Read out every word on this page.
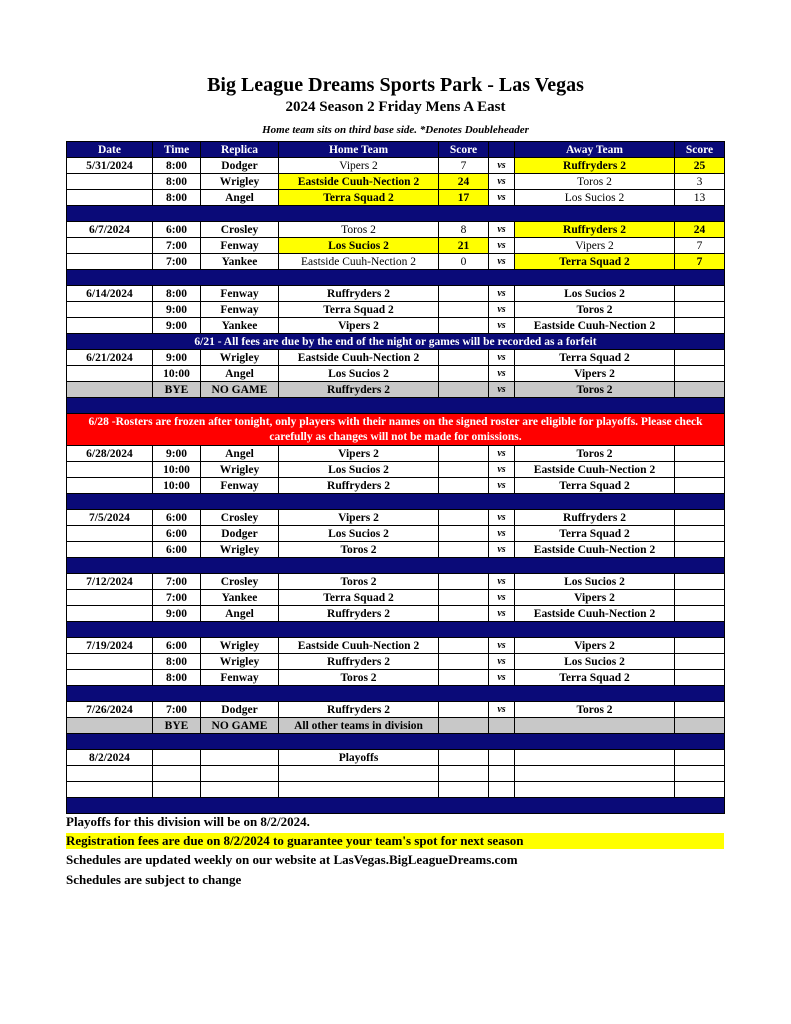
Big League Dreams Sports Park - Las Vegas
2024 Season 2 Friday Mens A East
Home team sits on third base side. *Denotes Doubleheader
Date	Time	Replica	Home Team	Score		Away Team	Score
5/31/2024	8:00	Dodger	Vipers 2	7	vs	Ruffryders 2	25
	8:00	Wrigley	Eastside Cuuh-Nection 2	24	vs	Toros 2	3
	8:00	Angel	Terra Squad 2	17	vs	Los Sucios 2	13

6/7/2024	6:00	Crosley	Toros 2	8	vs	Ruffryders 2	24
	7:00	Fenway	Los Sucios 2	21	vs	Vipers 2	7
	7:00	Yankee	Eastside Cuuh-Nection 2	0	vs	Terra Squad 2	7

6/14/2024	8:00	Fenway	Ruffryders 2		vs	Los Sucios 2	
	9:00	Fenway	Terra Squad 2		vs	Toros 2	
	9:00	Yankee	Vipers 2		vs	Eastside Cuuh-Nection 2	
6/21 - All fees are due by the end of the night or games will be recorded as a forfeit							
6/21/2024	9:00	Wrigley	Eastside Cuuh-Nection 2		vs	Terra Squad 2	
	10:00	Angel	Los Sucios 2		vs	Vipers 2	
	BYE	NO GAME	Ruffryders 2		vs	Toros 2	

6/28 -Rosters are frozen after tonight, only players with their names on the signed roster are eligible for playoffs. Please check carefully as changes will not be made for omissions.							
6/28/2024	9:00	Angel	Vipers 2		vs	Toros 2	
	10:00	Wrigley	Los Sucios 2		vs	Eastside Cuuh-Nection 2	
	10:00	Fenway	Ruffryders 2		vs	Terra Squad 2	

7/5/2024	6:00	Crosley	Vipers 2		vs	Ruffryders 2	
	6:00	Dodger	Los Sucios 2		vs	Terra Squad 2	
	6:00	Wrigley	Toros 2		vs	Eastside Cuuh-Nection 2	

7/12/2024	7:00	Crosley	Toros 2		vs	Los Sucios 2	
	7:00	Yankee	Terra Squad 2		vs	Vipers 2	
	9:00	Angel	Ruffryders 2		vs	Eastside Cuuh-Nection 2	

7/19/2024	6:00	Wrigley	Eastside Cuuh-Nection 2		vs	Vipers 2	
	8:00	Wrigley	Ruffryders 2		vs	Los Sucios 2	
	8:00	Fenway	Toros 2		vs	Terra Squad 2	

7/26/2024	7:00	Dodger	Ruffryders 2		vs	Toros 2	
	BYE	NO GAME	All other teams in division				

8/2/2024			Playoffs				

Playoffs for this division will be on 8/2/2024.
Registration fees are due on 8/2/2024 to guarantee your team's spot for next season
Schedules are updated weekly on our website at LasVegas.BigLeagueDreams.com
Schedules are subject to change
